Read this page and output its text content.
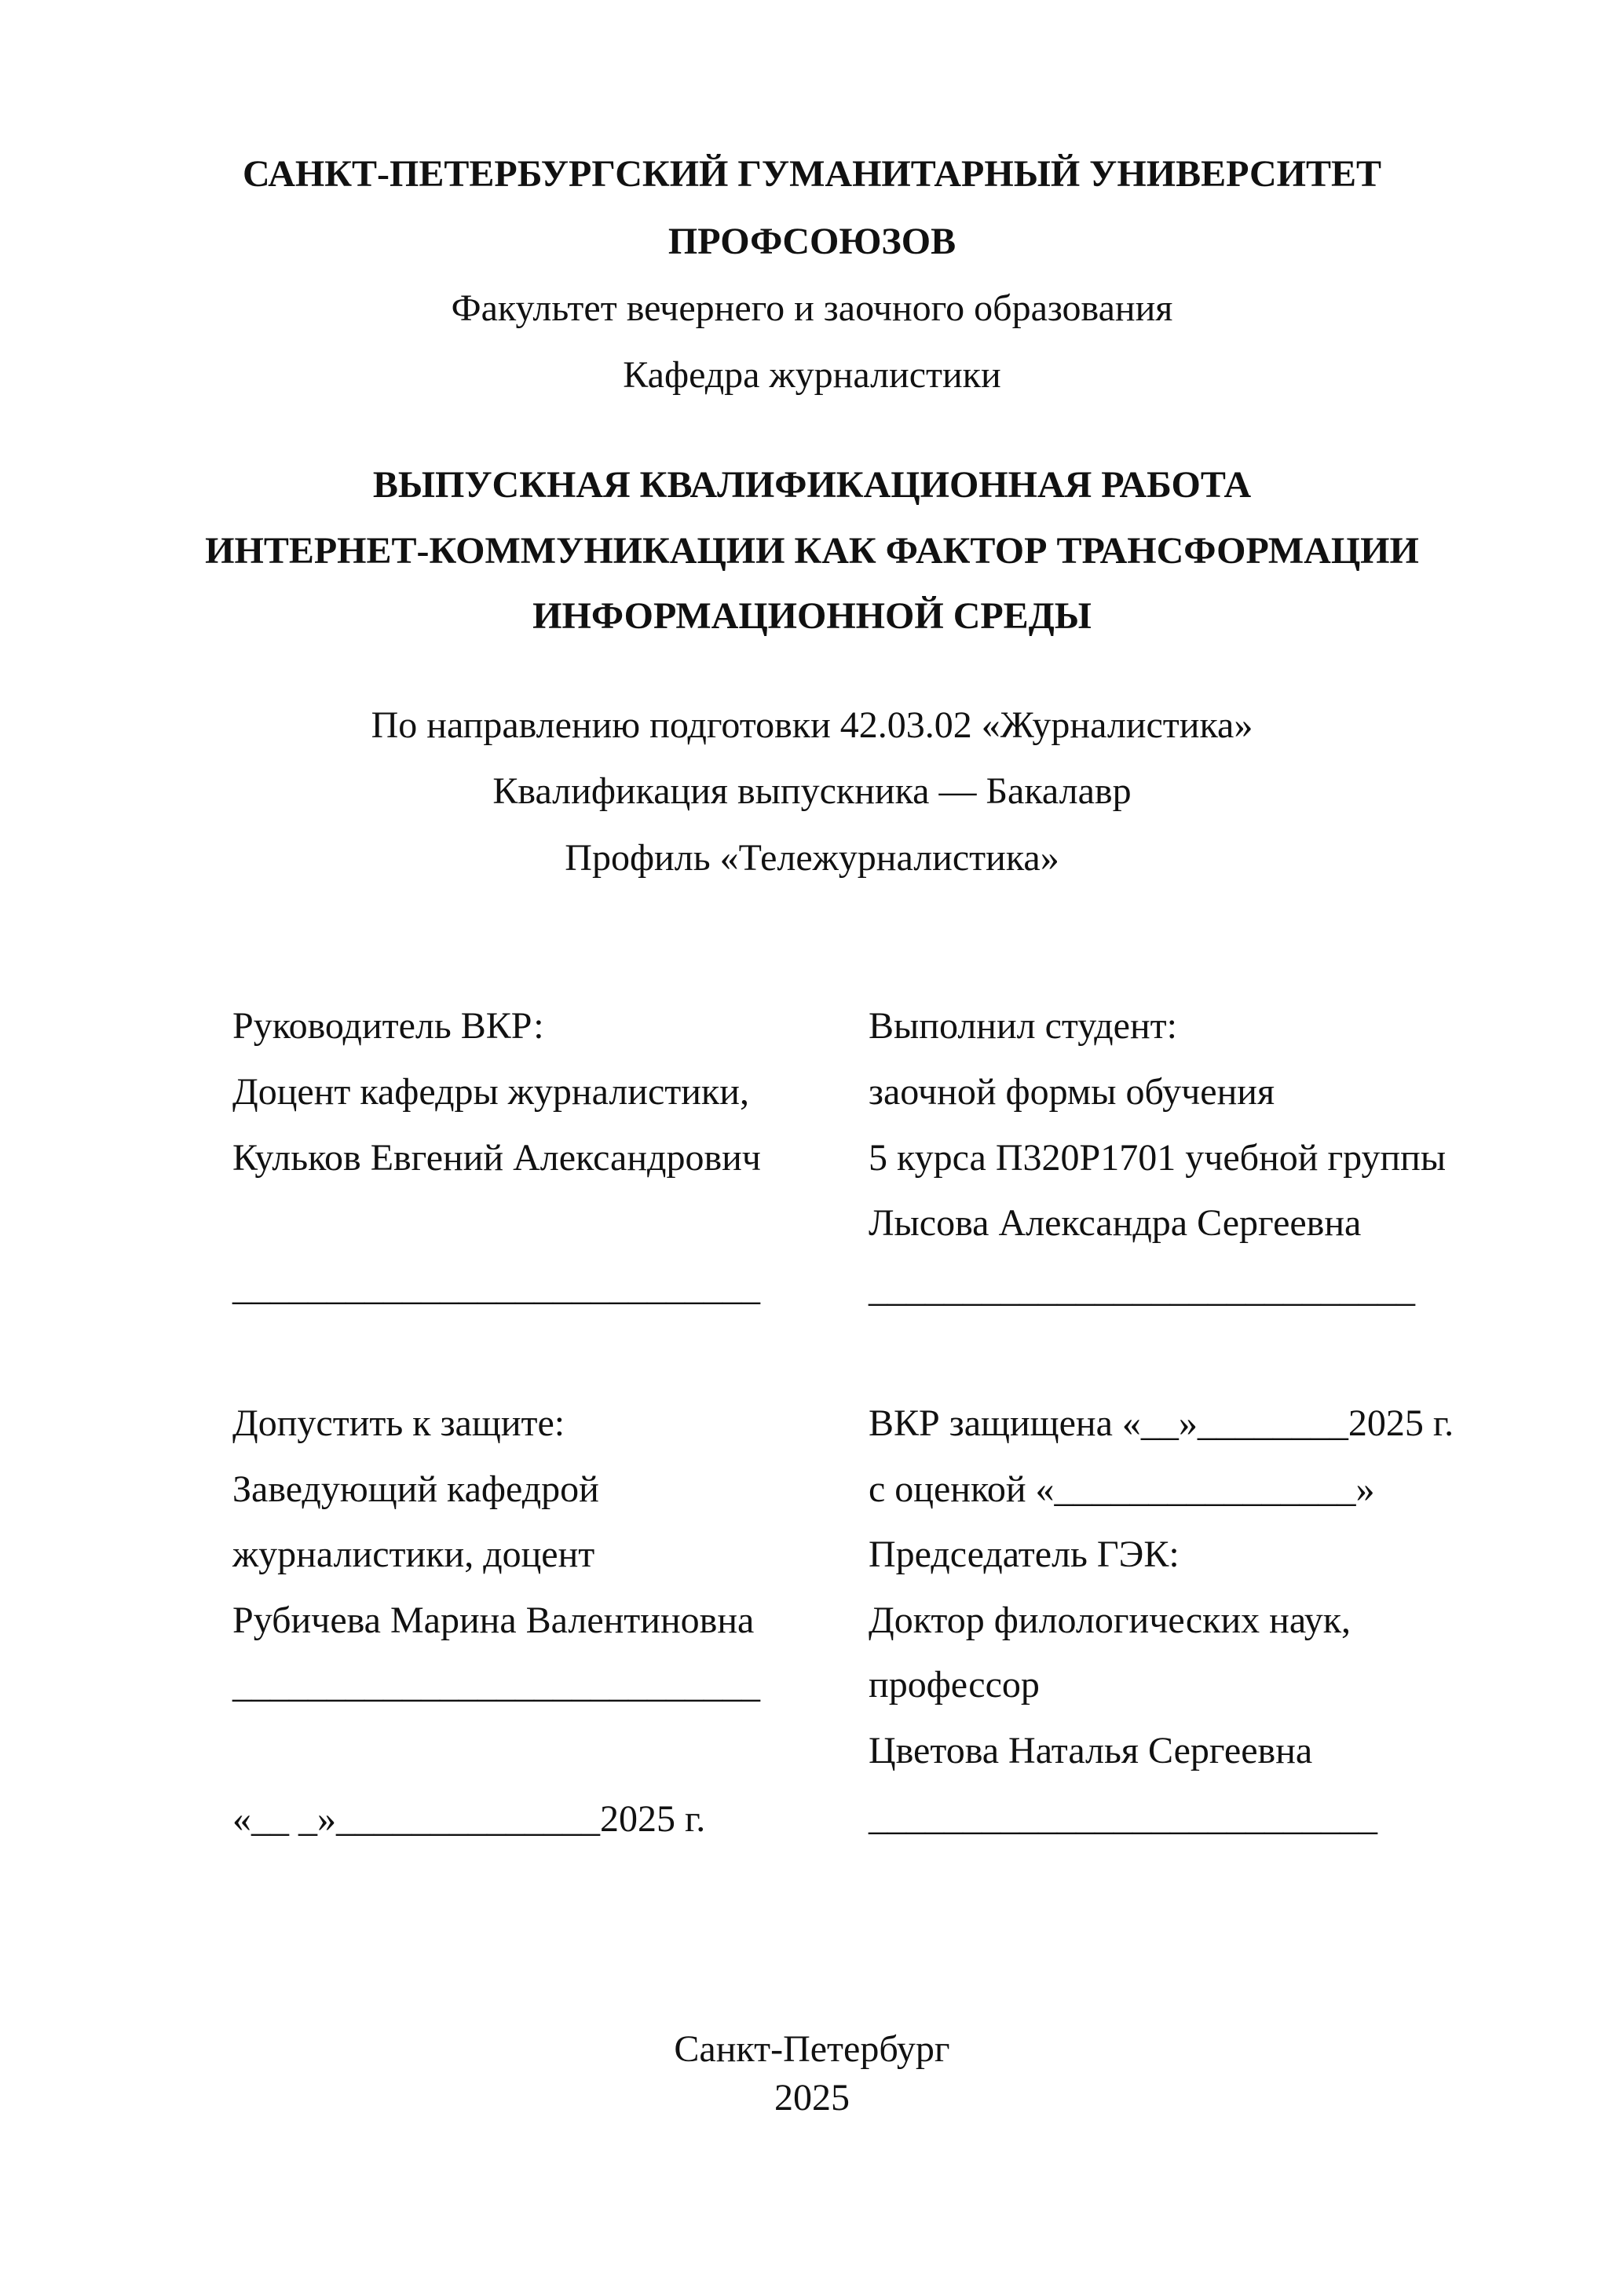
САНКТ-ПЕТЕРБУРГСКИЙ ГУМАНИТАРНЫЙ УНИВЕРСИТЕТ
ПРОФСОЮЗОВ
Факультет вечернего и заочного образования
Кафедра журналистики
ВЫПУСКНАЯ КВАЛИФИКАЦИОННАЯ РАБОТА
ИНТЕРНЕТ-КОММУНИКАЦИИ КАК ФАКТОР ТРАНСФОРМАЦИИ
ИНФОРМАЦИОННОЙ СРЕДЫ
По направлению подготовки 42.03.02 «Журналистика»
Квалификация выпускника — Бакалавр
Профиль «Тележурналистика»
Руководитель ВКР:
Доцент кафедры журналистики,
Кульков Евгений Александрович
____________________________
Выполнил студент:
заочной формы обучения
5 курса П320Р1701 учебной группы
Лысова Александра Сергеевна
_____________________________
Допустить к защите:
Заведующий кафедрой
журналистики, доцент
Рубичева Марина Валентиновна
____________________________
«__ _»______________2025 г.
ВКР защищена «__»________2025 г.
с оценкой «________________»
Председатель ГЭК:
Доктор филологических наук,
профессор
Цветова Наталья Сергеевна
___________________________
Санкт-Петербург
2025
